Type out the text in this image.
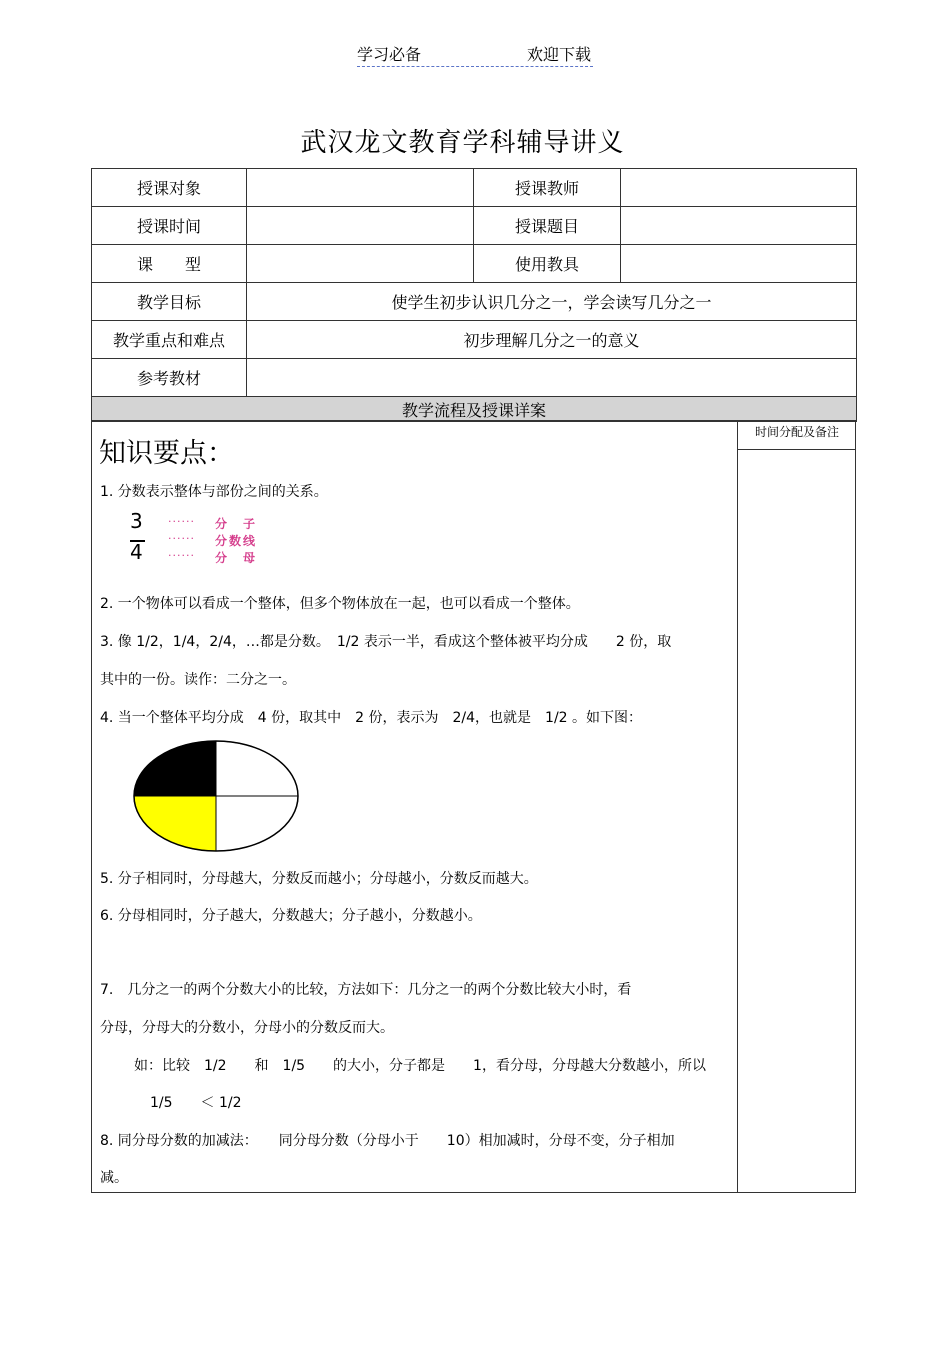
学习必备	欢迎下载
武汉龙文教育学科辅导讲义
授课对象		授课教师	
授课时间		授课题目	
课　　型		使用教具	
教学目标	使学生初步认识几分之一，学会读写几分之一		
教学重点和难点	初步理解几分之一的意义		
参考教材			
教学流程及授课详案			
时间分配及备注
知识要点：
1. 分数表示整体与部份之间的关系。
3
4
······
······
······
分　子
分数线
分　母
2. 一个物体可以看成一个整体，但多个物体放在一起，也可以看成一个整体。
3. 像 1/2，1/4，2/4，…都是分数。　1/2 表示一半，看成这个整体被平均分成　　2 份，取
其中的一份。读作：二分之一。
4. 当一个整体平均分成　4 份，取其中　2 份，表示为　2/4，也就是　1/2 。如下图：
5. 分子相同时，分母越大，分数反而越小；分母越小，分数反而越大。
6. 分母相同时，分子越大，分数越大；分子越小，分数越小。
7.　几分之一的两个分数大小的比较，方法如下：几分之一的两个分数比较大小时，看
分母，分母大的分数小，分母小的分数反而大。
如：比较　1/2　　和　1/5　　的大小，分子都是　　1，看分母，分母越大分数越小，所以
1/5　　＜ 1/2
8. 同分母分数的加减法：　　同分母分数（分母小于　　10）相加减时，分母不变，分子相加
减。
